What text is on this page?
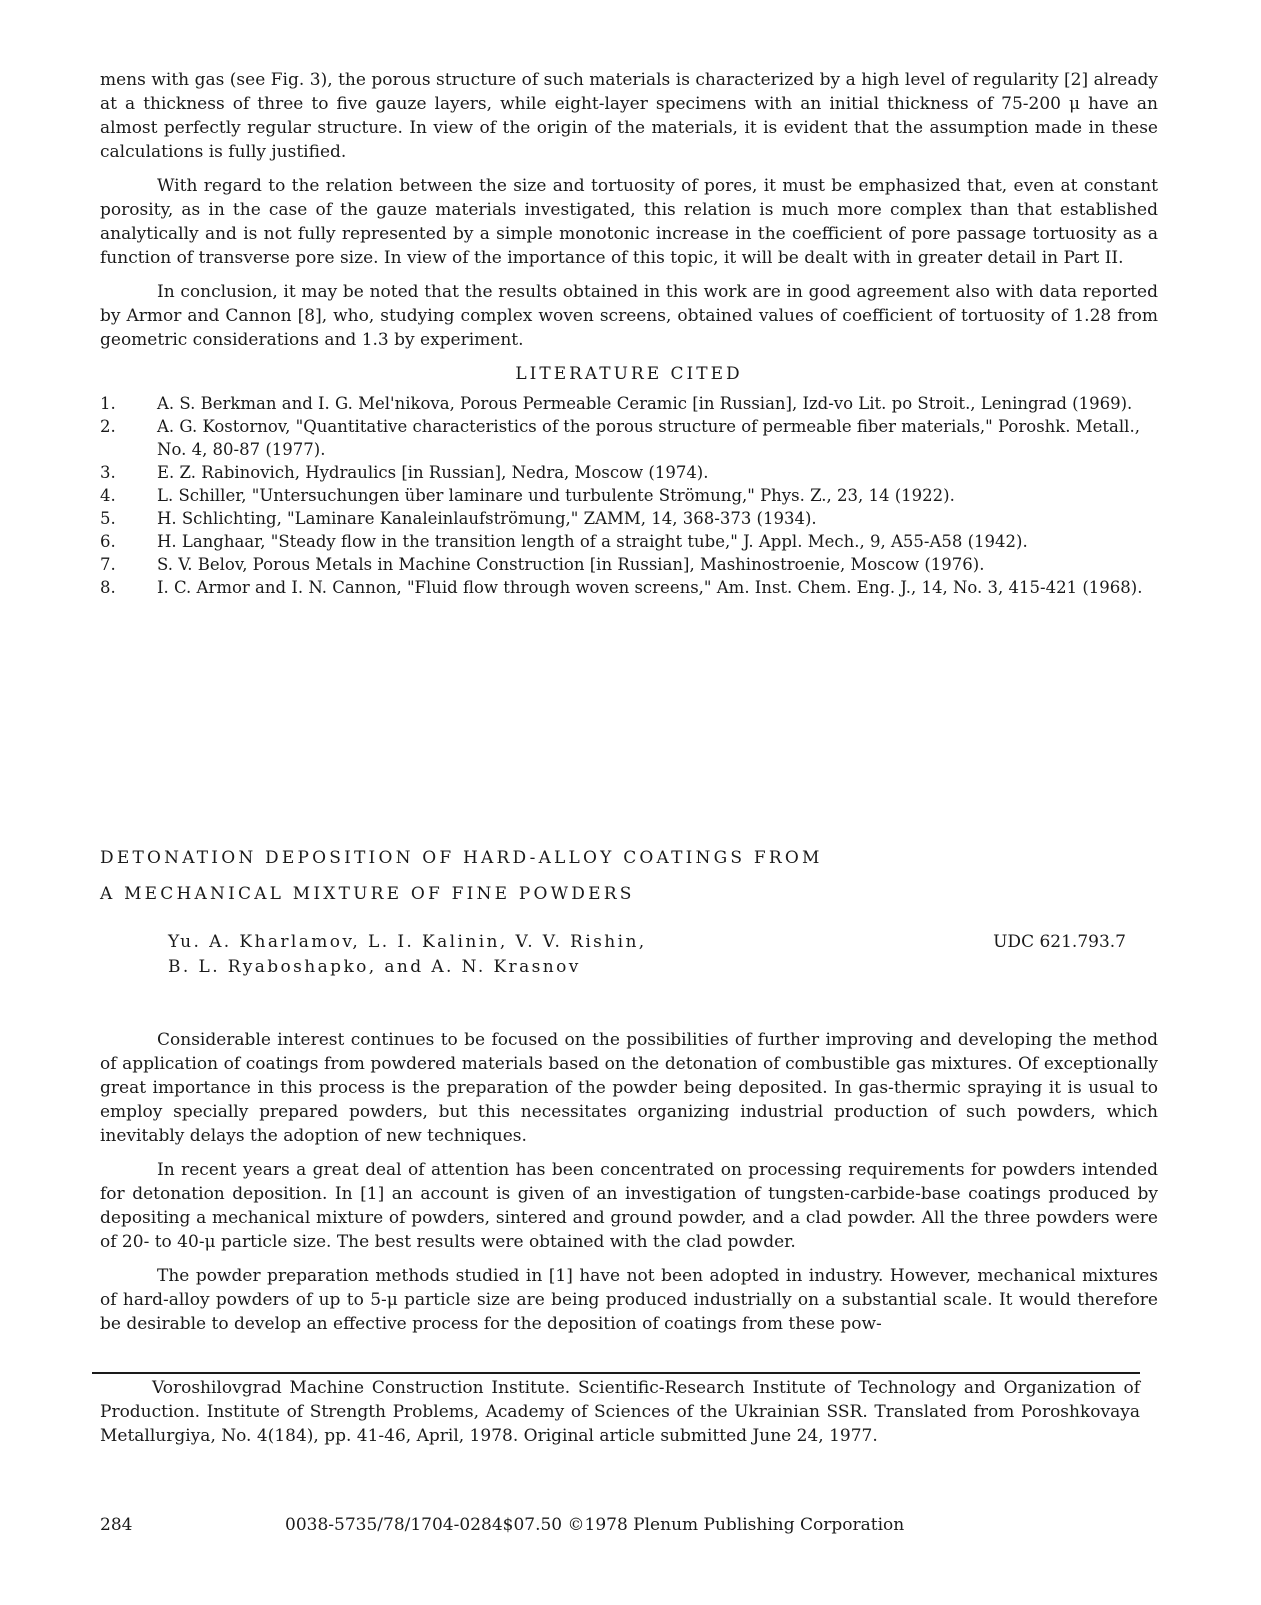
mens with gas (see Fig. 3), the porous structure of such materials is characterized by a high level of regularity [2] already at a thickness of three to five gauze layers, while eight-layer specimens with an initial thickness of 75-200 μ have an almost perfectly regular structure. In view of the origin of the materials, it is evident that the assumption made in these calculations is fully justified.

With regard to the relation between the size and tortuosity of pores, it must be emphasized that, even at constant porosity, as in the case of the gauze materials investigated, this relation is much more complex than that established analytically and is not fully represented by a simple monotonic increase in the coefficient of pore passage tortuosity as a function of transverse pore size. In view of the importance of this topic, it will be dealt with in greater detail in Part II.

In conclusion, it may be noted that the results obtained in this work are in good agreement also with data reported by Armor and Cannon [8], who, studying complex woven screens, obtained values of coefficient of tortuosity of 1.28 from geometric considerations and 1.3 by experiment.

LITERATURE CITED
1.	A. S. Berkman and I. G. Mel'nikova, Porous Permeable Ceramic [in Russian], Izd-vo Lit. po Stroit., Leningrad (1969).
2.	A. G. Kostornov, "Quantitative characteristics of the porous structure of permeable fiber materials," Poroshk. Metall., No. 4, 80-87 (1977).
3.	E. Z. Rabinovich, Hydraulics [in Russian], Nedra, Moscow (1974).
4.	L. Schiller, "Untersuchungen über laminare und turbulente Strömung," Phys. Z., 23, 14 (1922).
5.	H. Schlichting, "Laminare Kanaleinlaufströmung," ZAMM, 14, 368-373 (1934).
6.	H. Langhaar, "Steady flow in the transition length of a straight tube," J. Appl. Mech., 9, A55-A58 (1942).
7.	S. V. Belov, Porous Metals in Machine Construction [in Russian], Mashinostroenie, Moscow (1976).
8.	I. C. Armor and I. N. Cannon, "Fluid flow through woven screens," Am. Inst. Chem. Eng. J., 14, No. 3, 415-421 (1968).
DETONATION DEPOSITION OF HARD-ALLOY COATINGS FROM
A MECHANICAL MIXTURE OF FINE POWDERS
Yu. A. Kharlamov, L. I. Kalinin, V. V. Rishin,
B. L. Ryaboshapko, and A. N. Krasnov
UDC 621.793.7

Considerable interest continues to be focused on the possibilities of further improving and developing the method of application of coatings from powdered materials based on the detonation of combustible gas mixtures. Of exceptionally great importance in this process is the preparation of the powder being deposited. In gas-thermic spraying it is usual to employ specially prepared powders, but this necessitates organizing industrial production of such powders, which inevitably delays the adoption of new techniques.

In recent years a great deal of attention has been concentrated on processing requirements for powders intended for detonation deposition. In [1] an account is given of an investigation of tungsten-carbide-base coatings produced by depositing a mechanical mixture of powders, sintered and ground powder, and a clad powder. All the three powders were of 20- to 40-μ particle size. The best results were obtained with the clad powder.

The powder preparation methods studied in [1] have not been adopted in industry. However, mechanical mixtures of hard-alloy powders of up to 5-μ particle size are being produced industrially on a substantial scale. It would therefore be desirable to develop an effective process for the deposition of coatings from these pow-

Voroshilovgrad Machine Construction Institute. Scientific-Research Institute of Technology and Organization of Production. Institute of Strength Problems, Academy of Sciences of the Ukrainian SSR. Translated from Poroshkovaya Metallurgiya, No. 4(184), pp. 41-46, April, 1978. Original article submitted June 24, 1977.

284	0038-5735/78/1704-0284$07.50 ©1978 Plenum Publishing Corporation
